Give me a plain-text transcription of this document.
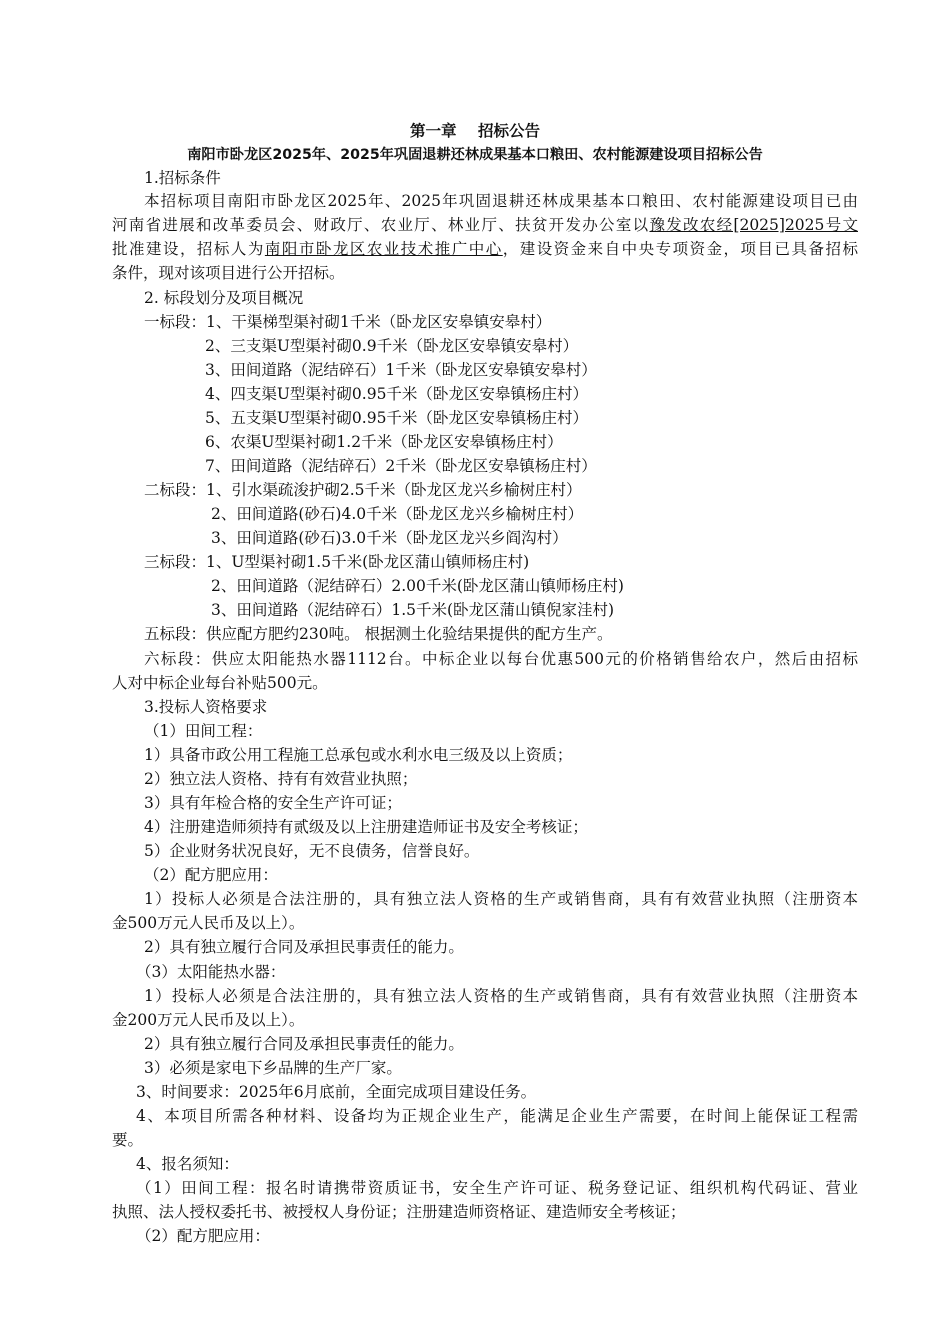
第一章    招标公告
南阳市卧龙区2025年、2025年巩固退耕还林成果基本口粮田、农村能源建设项目招标公告
1.招标条件
本招标项目南阳市卧龙区2025年、2025年巩固退耕还林成果基本口粮田、农村能源建设项目已由
河南省进展和改革委员会、财政厅、农业厅、林业厅、扶贫开发办公室以豫发改农经[2025]2025号文
批准建设，招标人为南阳市卧龙区农业技术推广中心，建设资金来自中央专项资金，项目已具备招标
条件，现对该项目进行公开招标。
2. 标段划分及项目概况
一标段：1、干渠梯型渠衬砌1千米（卧龙区安皋镇安皋村）
2、三支渠U型渠衬砌0.9千米（卧龙区安皋镇安皋村）
3、田间道路（泥结碎石）1千米（卧龙区安皋镇安皋村）
4、四支渠U型渠衬砌0.95千米（卧龙区安皋镇杨庄村）
5、五支渠U型渠衬砌0.95千米（卧龙区安皋镇杨庄村）
6、农渠U型渠衬砌1.2千米（卧龙区安皋镇杨庄村）
7、田间道路（泥结碎石）2千米（卧龙区安皋镇杨庄村）
二标段：1、引水渠疏浚护砌2.5千米（卧龙区龙兴乡榆树庄村）
2、田间道路(砂石)4.0千米（卧龙区龙兴乡榆树庄村）
3、田间道路(砂石)3.0千米（卧龙区龙兴乡阎沟村）
三标段：1、U型渠衬砌1.5千米(卧龙区蒲山镇师杨庄村)
2、田间道路（泥结碎石）2.00千米(卧龙区蒲山镇师杨庄村)
3、田间道路（泥结碎石）1.5千米(卧龙区蒲山镇倪家洼村)
五标段：供应配方肥约230吨。 根据测土化验结果提供的配方生产。
六标段：供应太阳能热水器1112台。中标企业以每台优惠500元的价格销售给农户，然后由招标
人对中标企业每台补贴500元。
3.投标人资格要求
（1）田间工程：
1）具备市政公用工程施工总承包或水利水电三级及以上资质；
2）独立法人资格、持有有效营业执照；
3）具有年检合格的安全生产许可证；
4）注册建造师须持有贰级及以上注册建造师证书及安全考核证；
5）企业财务状况良好，无不良债务，信誉良好。
（2）配方肥应用：
1）投标人必须是合法注册的，具有独立法人资格的生产或销售商，具有有效营业执照（注册资本
金500万元人民币及以上）。
2）具有独立履行合同及承担民事责任的能力。
（3）太阳能热水器：
1）投标人必须是合法注册的，具有独立法人资格的生产或销售商，具有有效营业执照（注册资本
金200万元人民币及以上）。
2）具有独立履行合同及承担民事责任的能力。
3）必须是家电下乡品牌的生产厂家。
3、时间要求：2025年6月底前，全面完成项目建设任务。
4、本项目所需各种材料、设备均为正规企业生产，能满足企业生产需要，在时间上能保证工程需
要。
4、报名须知：
（1）田间工程：报名时请携带资质证书，安全生产许可证、税务登记证、组织机构代码证、营业
执照、法人授权委托书、被授权人身份证；注册建造师资格证、建造师安全考核证；
（2）配方肥应用：
